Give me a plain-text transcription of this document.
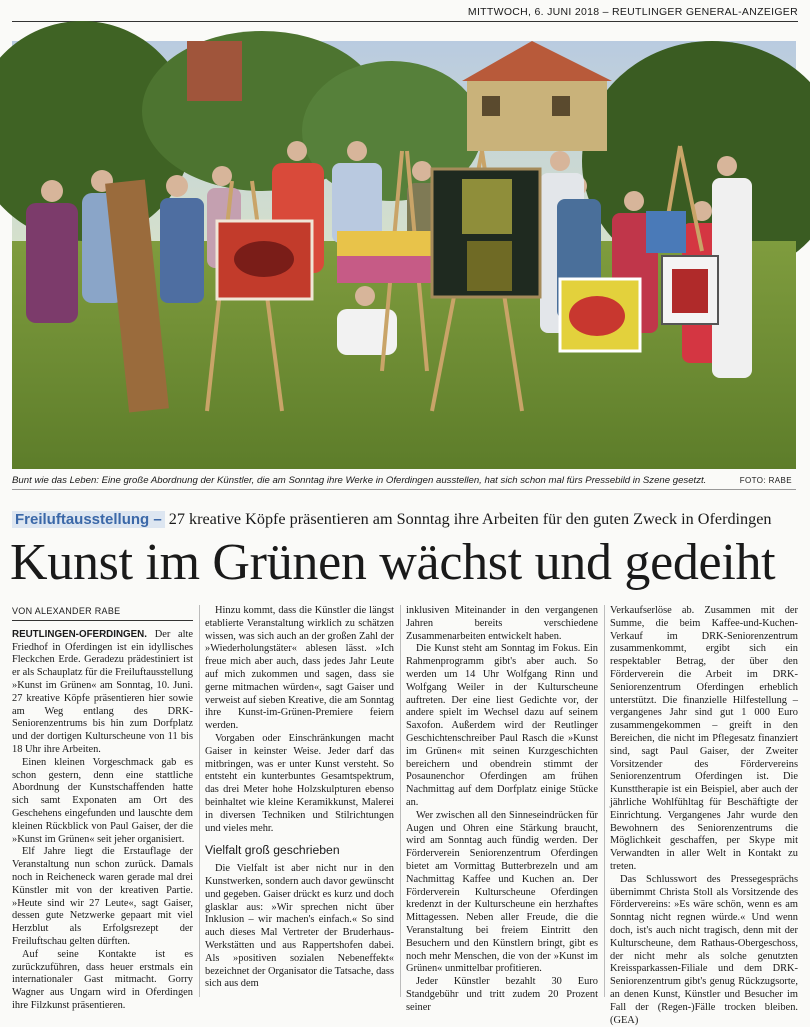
MITTWOCH, 6. JUNI 2018 – REUTLINGER GENERAL-ANZEIGER
Bunt wie das Leben: Eine große Abordnung der Künstler, die am Sonntag ihre Werke in Oferdingen ausstellen, hat sich schon mal fürs Pressebild in Szene gesetzt.	FOTO: RABE
Freiluftausstellung – 27 kreative Köpfe präsentieren am Sonntag ihre Arbeiten für den guten Zweck in Oferdingen
Kunst im Grünen wächst und gedeiht
VON ALEXANDER RABE

REUTLINGEN-OFERDINGEN. Der alte Friedhof in Oferdingen ist ein idyllisches Fleckchen Erde. Geradezu prädestiniert ist er als Schauplatz für die Freiluftausstellung »Kunst im Grünen« am Sonntag, 10. Juni. 27 kreative Köpfe präsentieren hier sowie am Weg entlang des DRK-Seniorenzentrums bis hin zum Dorfplatz und der dortigen Kulturscheune von 11 bis 18 Uhr ihre Arbeiten.

Einen kleinen Vorgeschmack gab es schon gestern, denn eine stattliche Abordnung der Kunstschaffenden hatte sich samt Exponaten am Ort des Geschehens eingefunden und lauschte dem kleinen Rückblick von Paul Gaiser, der die »Kunst im Grünen« seit jeher organisiert.

Elf Jahre liegt die Erstauflage der Veranstaltung nun schon zurück. Damals noch in Reicheneck waren gerade mal drei Künstler mit von der kreativen Partie. »Heute sind wir 27 Leute«, sagt Gaiser, dessen gute Netzwerke gepaart mit viel Herzblut als Erfolgsrezept der Freiluftschau gelten dürften.

Auf seine Kontakte ist es zurückzuführen, dass heuer erstmals ein internationaler Gast mitmacht. Gorry Wagner aus Ungarn wird in Oferdingen ihre Filzkunst präsentieren.

Hinzu kommt, dass die Künstler die längst etablierte Veranstaltung wirklich zu schätzen wissen, was sich auch an der großen Zahl der »Wiederholungstäter« ablesen lässt. »Ich freue mich aber auch, dass jedes Jahr Leute auf mich zukommen und sagen, dass sie gerne mitmachen würden«, sagt Gaiser und verweist auf sieben Kreative, die am Sonntag ihre Kunst-im-Grünen-Premiere feiern werden.

Vorgaben oder Einschränkungen macht Gaiser in keinster Weise. Jeder darf das mitbringen, was er unter Kunst versteht. So entsteht ein kunterbuntes Gesamtspektrum, das drei Meter hohe Holzskulpturen ebenso beinhaltet wie kleine Keramikkunst, Malerei in diversen Techniken und Stilrichtungen und vieles mehr.

Vielfalt groß geschrieben

Die Vielfalt ist aber nicht nur in den Kunstwerken, sondern auch davor gewünscht und gegeben. Gaiser drückt es kurz und doch glasklar aus: »Wir sprechen nicht über Inklusion – wir machen's einfach.« So sind auch dieses Mal Vertreter der Bruderhaus-Werkstätten und aus Rappertshofen dabei. Als »positiven sozialen Nebeneffekt« bezeichnet der Organisator die Tatsache, dass sich aus dem

inklusiven Miteinander in den vergangenen Jahren bereits verschiedene Zusammenarbeiten entwickelt haben.

Die Kunst steht am Sonntag im Fokus. Ein Rahmenprogramm gibt's aber auch. So werden um 14 Uhr Wolfgang Rinn und Wolfgang Weiler in der Kulturscheune auftreten. Der eine liest Gedichte vor, der andere spielt im Wechsel dazu auf seinem Saxofon. Außerdem wird der Reutlinger Geschichtenschreiber Paul Rasch die »Kunst im Grünen« mit seinen Kurzgeschichten bereichern und obendrein stimmt der Posaunenchor Oferdingen am frühen Nachmittag auf dem Dorfplatz einige Stücke an.

Wer zwischen all den Sinneseindrücken für Augen und Ohren eine Stärkung braucht, wird am Sonntag auch fündig werden. Der Förderverein Seniorenzentrum Oferdingen bietet am Vormittag Butterbrezeln und am Nachmittag Kaffee und Kuchen an. Der Förderverein Kulturscheune Oferdingen kredenzt in der Kulturscheune ein herzhaftes Mittagessen. Neben aller Freude, die die Veranstaltung bei freiem Eintritt den Besuchern und den Künstlern bringt, gibt es noch mehr Menschen, die von der »Kunst im Grünen« unmittelbar profitieren.

Jeder Künstler bezahlt 30 Euro Standgebühr und tritt zudem 20 Prozent seiner

Verkaufserlöse ab. Zusammen mit der Summe, die beim Kaffee-und-Kuchen-Verkauf im DRK-Seniorenzentrum zusammenkommt, ergibt sich ein respektabler Betrag, der über den Förderverein die Arbeit im DRK-Seniorenzentrum Oferdingen erheblich unterstützt. Die finanzielle Hilfestellung – vergangenes Jahr sind gut 1 000 Euro zusammengekommen – greift in den Bereichen, die nicht im Pflegesatz finanziert sind, sagt Paul Gaiser, der Zweiter Vorsitzender des Fördervereins Seniorenzentrum Oferdingen ist. Die Kunsttherapie ist ein Beispiel, aber auch der jährliche Wohlfühltag für Beschäftigte der Einrichtung. Vergangenes Jahr wurde den Bewohnern des Seniorenzentrums die Möglichkeit geschaffen, per Skype mit Verwandten in aller Welt in Kontakt zu treten.

Das Schlusswort des Pressegesprächs übernimmt Christa Stoll als Vorsitzende des Fördervereins: »Es wäre schön, wenn es am Sonntag nicht regnen würde.« Und wenn doch, ist's auch nicht tragisch, denn mit der Kulturscheune, dem Rathaus-Obergeschoss, der nicht mehr als solche genutzten Kreissparkassen-Filiale und dem DRK-Seniorenzentrum gibt's genug Rückzugsorte, an denen Kunst, Künstler und Besucher im Fall der (Regen-)Fälle trocken bleiben. (GEA)
